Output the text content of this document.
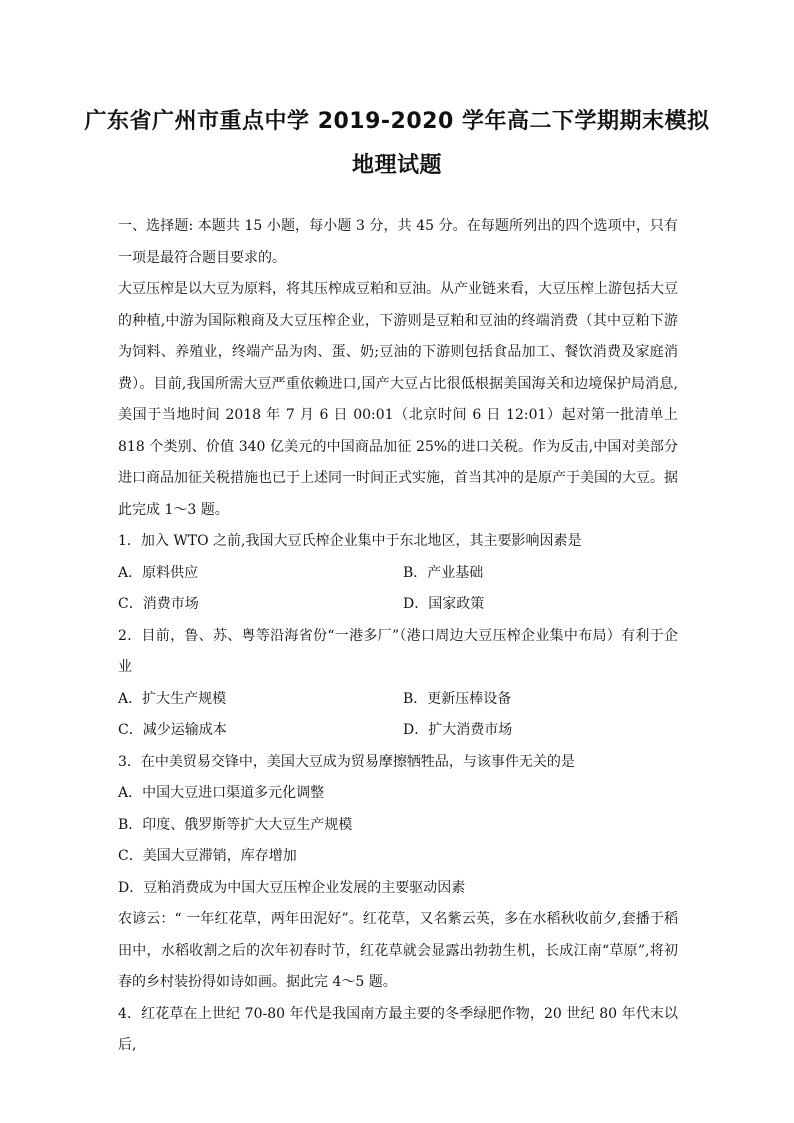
广东省广州市重点中学 2019-2020 学年高二下学期期末模拟
地理试题

一、选择题: 本题共 15 小题，每小题 3 分，共 45 分。在每题所列出的四个选项中，只有一项是最符合题目要求的。

大豆压榨是以大豆为原料，将其压榨成豆粕和豆油。从产业链来看，大豆压榨上游包括大豆的种植,中游为国际粮商及大豆压榨企业，下游则是豆粕和豆油的终端消费（其中豆粕下游为饲料、养殖业，终端产品为肉、蛋、奶;豆油的下游则包括食品加工、餐饮消费及家庭消费）。目前,我国所需大豆严重依赖进口,国产大豆占比很低根据美国海关和边境保护局消息,美国于当地时间 2018 年 7 月 6 日 00:01（北京时间 6 日 12:01）起对第一批清单上 818 个类别、价值 340 亿美元的中国商品加征 25%的进口关税。作为反击,中国对美部分进口商品加征关税措施也已于上述同一时间正式实施，首当其冲的是原产于美国的大豆。据此完成 1～3 题。

1．加入 WTO 之前,我国大豆氏榨企业集中于东北地区，其主要影响因素是

A．原料供应	B．产业基础
C．消费市场	D．国家政策

2．目前，鲁、苏、粤等沿海省份“一港多厂”（港口周边大豆压榨企业集中布局）有利于企业

A．扩大生产规模	B．更新压棒设备
C．减少运输成本	D．扩大消费市场

3．在中美贸易交锋中，美国大豆成为贸易摩擦牺牲品，与该事件无关的是

A．中国大豆进口渠道多元化调整

B．印度、俄罗斯等扩大大豆生产规模

C．美国大豆滞销，库存增加

D．豆粕消费成为中国大豆压榨企业发展的主要驱动因素

农谚云：“ 一年红花草，两年田泥好”。红花草，又名紫云英，多在水稻秋收前夕,套播于稻田中，水稻收割之后的次年初春时节，红花草就会显露出勃勃生机，长成江南“草原”,将初春的乡村装扮得如诗如画。据此完 4～5 题。

4．红花草在上世纪 70-80 年代是我国南方最主要的冬季绿肥作物，20 世纪 80 年代末以后,
